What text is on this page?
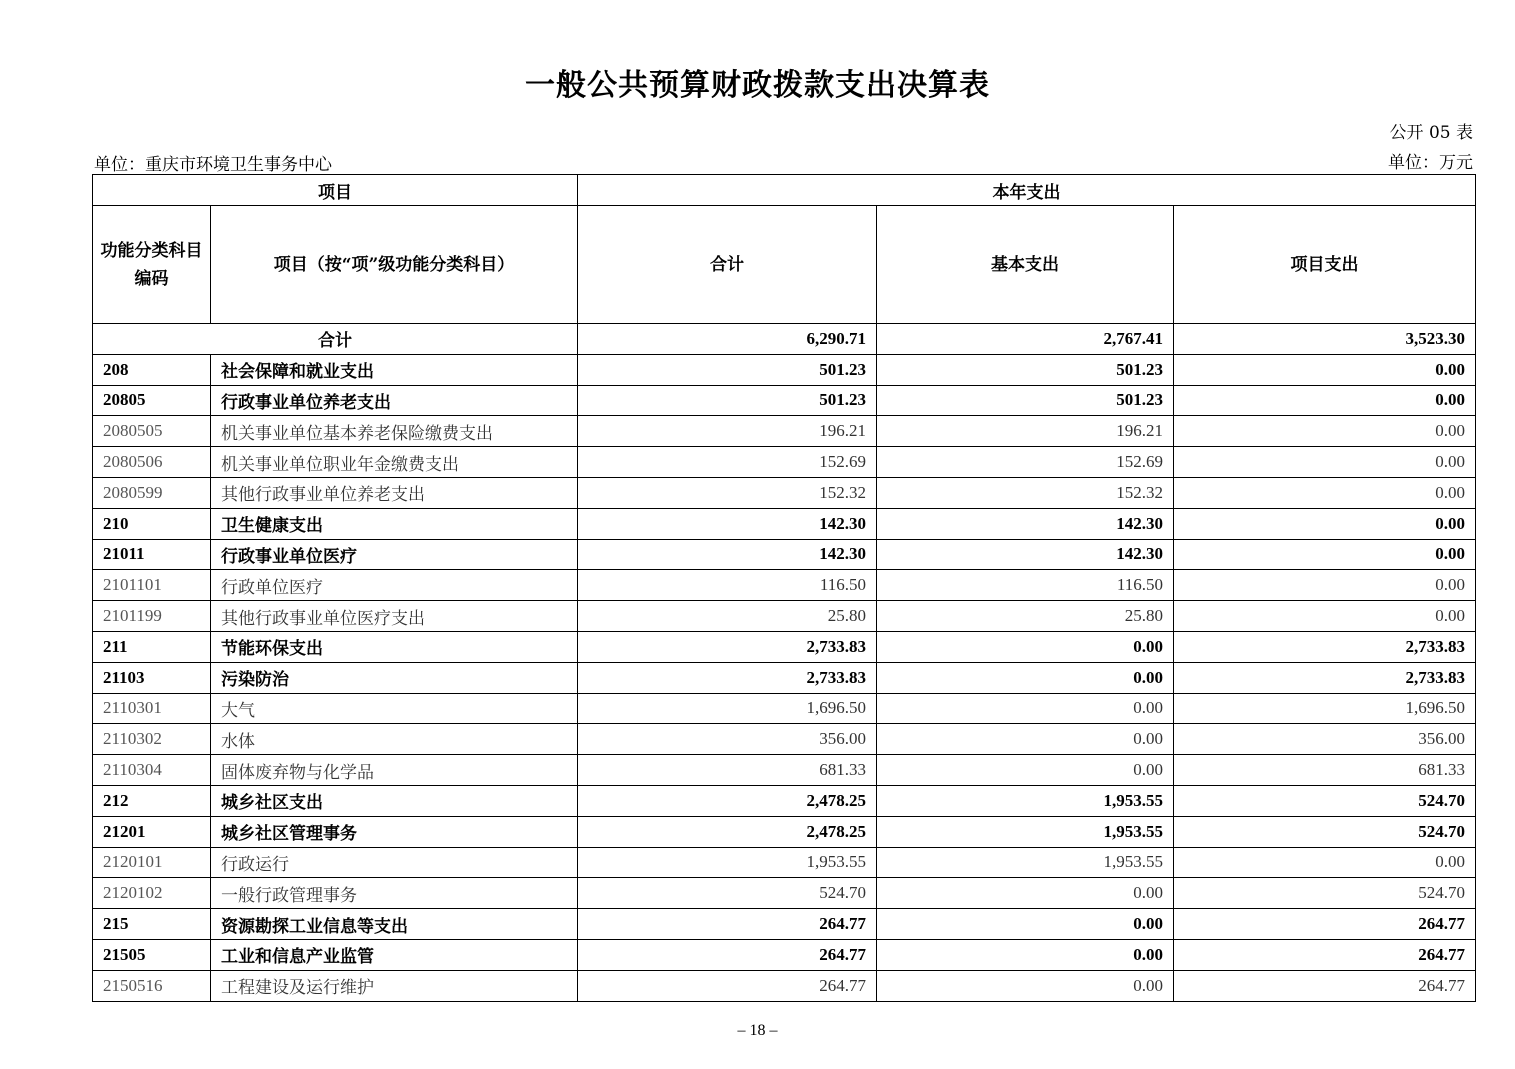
一般公共预算财政拨款支出决算表
公开 05 表
单位：重庆市环境卫生事务中心	单位：万元
项目		本年支出		
功能分类科目编码	项目（按“项”级功能分类科目）	合计	基本支出	项目支出
合计		6,290.71	2,767.41	3,523.30
208	社会保障和就业支出	501.23	501.23	0.00
20805	行政事业单位养老支出	501.23	501.23	0.00
2080505	机关事业单位基本养老保险缴费支出	196.21	196.21	0.00
2080506	机关事业单位职业年金缴费支出	152.69	152.69	0.00
2080599	其他行政事业单位养老支出	152.32	152.32	0.00
210	卫生健康支出	142.30	142.30	0.00
21011	行政事业单位医疗	142.30	142.30	0.00
2101101	行政单位医疗	116.50	116.50	0.00
2101199	其他行政事业单位医疗支出	25.80	25.80	0.00
211	节能环保支出	2,733.83	0.00	2,733.83
21103	污染防治	2,733.83	0.00	2,733.83
2110301	大气	1,696.50	0.00	1,696.50
2110302	水体	356.00	0.00	356.00
2110304	固体废弃物与化学品	681.33	0.00	681.33
212	城乡社区支出	2,478.25	1,953.55	524.70
21201	城乡社区管理事务	2,478.25	1,953.55	524.70
2120101	行政运行	1,953.55	1,953.55	0.00
2120102	一般行政管理事务	524.70	0.00	524.70
215	资源勘探工业信息等支出	264.77	0.00	264.77
21505	工业和信息产业监管	264.77	0.00	264.77
2150516	工程建设及运行维护	264.77	0.00	264.77
– 18 –
